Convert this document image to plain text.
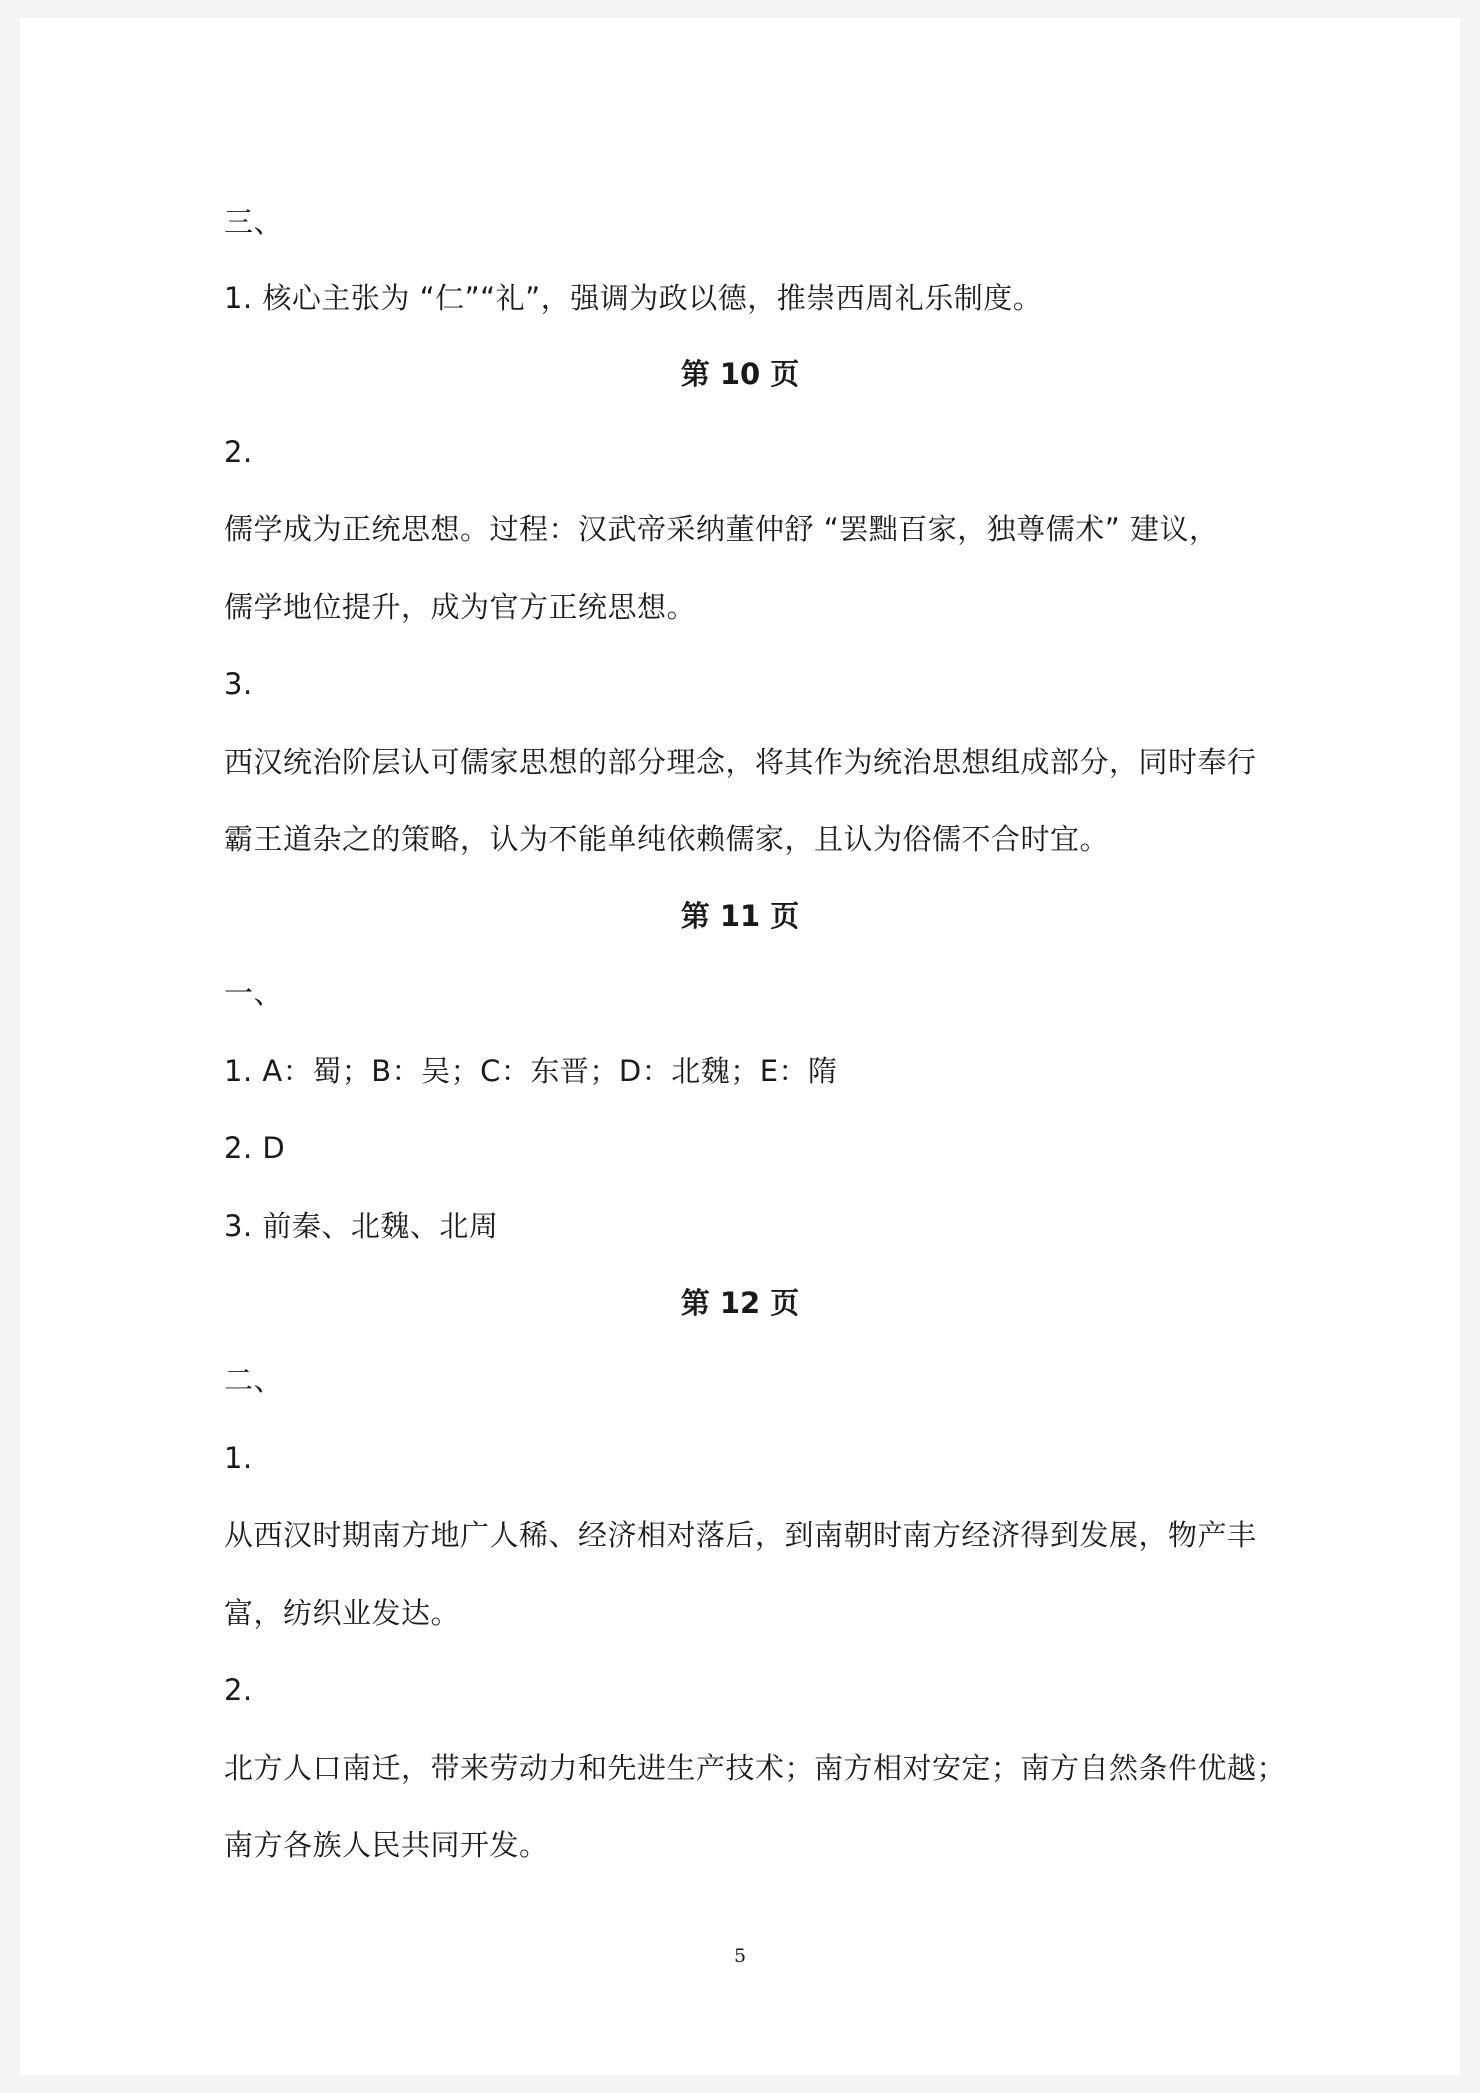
三、
1. 核心主张为 “仁”“礼”，强调为政以德，推崇西周礼乐制度。
第 10 页
2.
儒学成为正统思想。过程：汉武帝采纳董仲舒 “罢黜百家，独尊儒术” 建议，
儒学地位提升，成为官方正统思想。
3.
西汉统治阶层认可儒家思想的部分理念，将其作为统治思想组成部分，同时奉行
霸王道杂之的策略，认为不能单纯依赖儒家，且认为俗儒不合时宜。
第 11 页
一、
1. A：蜀；B：吴；C：东晋；D：北魏；E：隋
2. D
3. 前秦、北魏、北周
第 12 页
二、
1.
从西汉时期南方地广人稀、经济相对落后，到南朝时南方经济得到发展，物产丰
富，纺织业发达。
2.
北方人口南迁，带来劳动力和先进生产技术；南方相对安定；南方自然条件优越；
南方各族人民共同开发。
5
